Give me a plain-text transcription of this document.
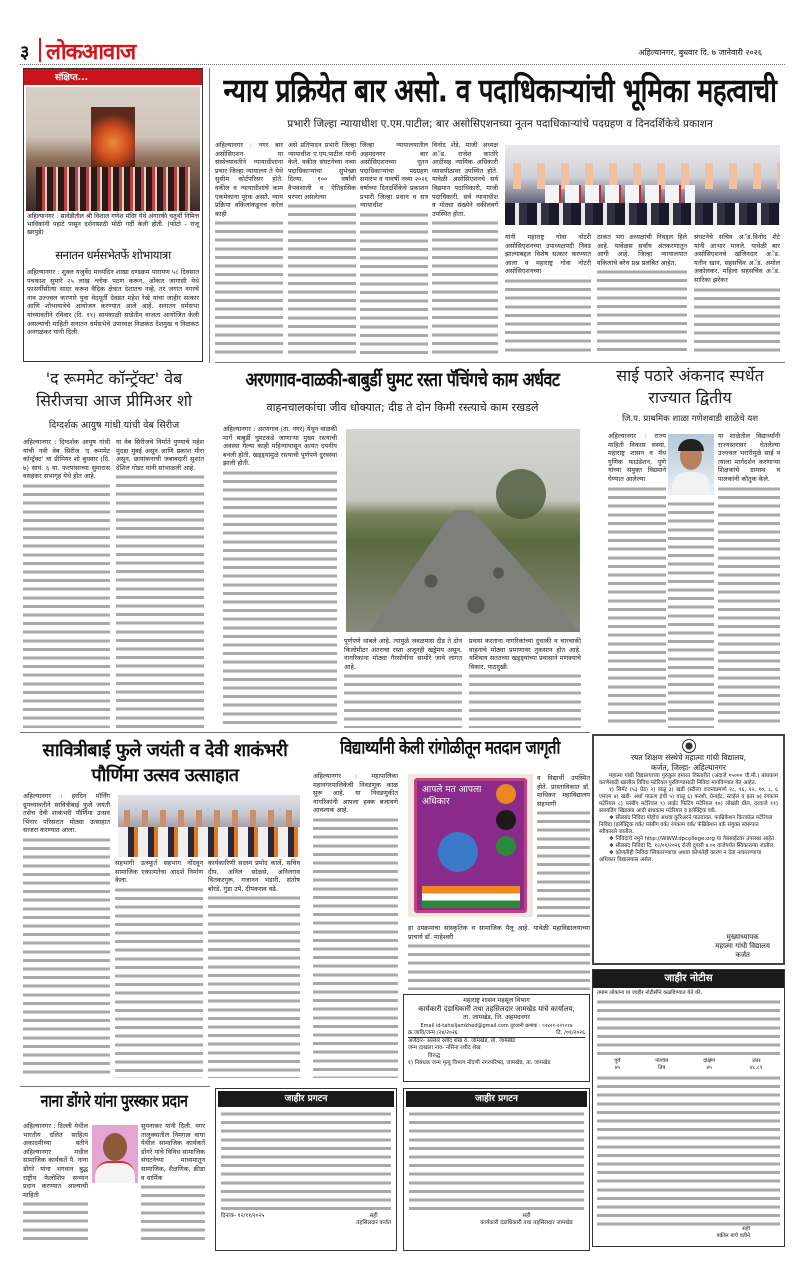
३ लोकआवाज	अहिल्यानगर, बुधवार दि. ७ जानेवारी २०२६
संक्षिप्त...
अहिल्यानगर : सावेडीतील श्री विशाल गणेश मंदिर येथे अंगारकी चतुर्थी निमित्त भाविकांनी पहाटे पासून दर्शनासाठी मोठी गर्दी केली होती. (फोटो - राजू खरपुडे)
सनातन धर्मसभेतर्फे शोभायात्रा

अहिल्यानगर : शुक्ल यजुर्वेद माध्यंदिन शाखा दण्डक्रम पारायण ५८ दिवसात पंचकाश सुमारे २५ लाख श्लोक पठण करून, ओंकार जागासी येथे फासर्यीसीत्या सादर करून वैदिक क्षेत्रात देशातच नव्हे, तर जगात नगरचे नाव उज्ज्वल करणारे युवा वेदमूर्ती देवव्रत महेश रेखे यांचा जाहीर सत्कार आणि शोभायात्रेचे आयोजन करण्यात आले आहे. सनातन धर्मसभा यांच्यावतीने रविवार (दि. ११) सायंकाळी साडेतीन वाजता आयोजित केली असल्याची माहिती सनातन धर्मसभेचे उपाध्यक्ष निळकंठ देशमुख व निळकंठ अनगळकर यांनी दिली.

न्याय प्रक्रियेत बार असो. व पदाधिकाऱ्यांची भूमिका महत्वाची
प्रभारी जिल्हा न्यायाधीश ए.एम.पाटील; बार असोसिएशनच्या नूतन पदाधिकाऱ्यांचे पदग्रहण व दिनदर्शिकेचे प्रकाशन

अहिल्यानगर : नगर बार असोसिएशन या संस्थेच्यावतीने न्यायाधीशांना प्रचार जिल्हा न्यायालय ते येथे सुसीम कोर्टपरिसर होते. वकील व न्यायाधीशांचे काम एकमेकांना पूरक असते. न्याय प्रक्रिया वकिलांकडूनच करेल काही

असे प्रतिपादन प्रभारी जिल्हा न्यायाधीश ए.एम.पाटील यांनी केले. वकील संघटनेच्या नव्या पदाधिकाऱ्यांचा सुभेच्छा दिल्या. १०० वर्षांची वैभवशाली व ऐतिहासिक परंपरा असलेल्या

जिल्हा न्यायालयातील अहमदनगर बार असोसिएशनच्या नूतन पदाधिकाऱ्यांचा पदग्रहण समारंभ व यावर्षी नव्या २०२६ वर्षाच्या दिनदर्शिकेचे प्रकाशन प्रभारी जिल्हा प्रधान व सत्र न्यायाधीश

विनोद शेंडे, माजी अध्यक्ष अॅड. राजेश कातोरे आदींसह न्यायिक अधिकारी व्यासपीठावर उपस्थित होते. यावेळी असोसिएशनचे सर्व विद्यमान पदाधिकारी, माजी पदाधिकारी, सर्व न्यायाधीश व मोठ्या संख्येने वकीलवर्ग उपस्थित होता.

यांनी महाराष्ट्र गोवा नोटरी असोसिएशनच्या उपाध्यक्षपदी निवड झाल्याबद्दल विशेष सत्कार करण्यात आला व महाराष्ट्र गोवा नोटरी असोसिएशनच्या

ठाकत भरा अध्यक्षांची निवड्ल हिले आहे. यावेळस सर्वांच अंतकरणातून आगी आहे. जिल्हा न्यायालयात वकिलांचे बरेच प्रश्न प्रलंबित आहेत.

संघटनेचे सचिव अॅड.विनोद शेटे यांनी आभार मानले. यावेळी बार असोसिएशनचे खजिनदार अॅड. यतीन खान, सहसचिव अॅड. अमोल अकोलकर, महिला सहसचिव अॅड. सारिका झरेकर

'द रूममेट कॉन्ट्रॅक्ट' वेब सिरीजचा आज प्रीमिअर शो
दिग्दर्शक आयुष गांधी यांची वेब सिरीज

अहिल्यानगर : दिग्दर्शक आयुष गांधी यांची नवी वेब सिरीज 'द रूममेट कॉन्ट्रॅक्ट' चा प्रीमियर शो बुधवार (दि. ७) सायं. ६ वा. फरपांसाच्या सुमारास वसहकर सभागृह येथे होत आहे.

या वेब सिरीजचे निर्माते पुण्याचे महेश मुंदडा मुंबई असून आणि प्रकाश मीरा असून, छायांकनाची जबाबदारी सुशांत देशिल गोडट यांनी सांभाळली आहे.

अरणगाव-वाळकी-बाबुर्डी घुमट रस्ता पॅचिंगचे काम अर्धवट
वाहनचालकांचा जीव धोक्यात; दीड ते दोन किमी रस्त्याचे काम रखडले

अहिल्यानगर : अरणगाव (ता. नगर) येथून वाळकी मार्गे बाबुर्डी घुमटकडे जाणाऱ्या मुख्य रस्त्याची अवस्था गेल्या काही महिन्यांपासून अत्यंत दयनीय बनली होती. खड्ड्यांमुळे रस्त्याची पूर्णपणे दुरवस्था झाली होती.

पूर्णपणे थांबले आहे. त्यामुळे जवळपास दीड ते दोन किलोमीटर अंतराचा रस्ता अजूनही खड्डेमय असून, नागरिकांना मोठ्या गैरसोयींना सामोरे जावे लागत आहे.

प्रवास करताना नागरिकांच्या दुचाकी व चारचाकी वाहनांचे मोठ्या प्रमाणावर नुकसान होत आहे. यशिवाय सततच्या खड्ड्यांच्या प्रवासाने मणक्याचे विकार, पाठदुखी.

साई पठारे अंकनाद स्पर्धेत राज्यात द्वितीय
जि.प. प्राथमिक शाळा गणेशवाडी शाळेचे यश

अहिल्यानगर : राज्य माहिती विकास संस्था, महाराष्ट्र शासन व मॅथ गुणिक फाउंडेशन, पुणे यांच्या संयुक्त विद्यमाने घेण्यात आलेल्या

या शाळेतील विद्यार्थ्यांनी राज्यस्तरावर घेतलेल्या उज्ज्वल भरारीमुळे साई व त्याला मार्गदर्शन करणाऱ्या शिक्षकांचे ग्रामस्थ व पालकांनी कौतुक केले.

सावित्रीबाई फुले जयंती व देवी शाकंभरी पौर्णिमा उत्सव उत्साहात

अहिल्यानगर : हरदिन मॉर्निंग ग्रुपच्यावतीने सावित्रीबाई फुले जयंती तसेच देवी शाकंभरी पौर्णिमा उत्सव भिंगार परिसरात मोठ्या उत्साहात साजरा करण्यात आला.

सहभागी उत्स्फूर्त सहभाग नोंदवून सामाजिक एकात्मतेचा आदर्श निर्माण केला.

कार्यकारिणी सदस्य प्रमोद कार्ले, सचिव दीप, अनिल सोळसे, अनिलराव वितकरगुरू, गजानन भंडारी, संतोष बोरडे, गुंडा उपे, दीपकराव वढे.

विद्यार्थ्यांनी केली रांगोळीतून मतदान जागृती

अहिल्यानगर : महापालिका महानगरपालिकेची निवडणूक काळ सुरू आहे. या निवडणुकीत नागरिकांनी आपला हक्क बजावणे आवश्यक आहे.

आपले मत आपला अधिकार

व विद्यार्थी उपस्थित होते. प्रास्ताविकात डॉ. माधिकर महाविद्यालय सहभागी

हा उपक्रमाचा सांस्कृतिक व सामाजिक पैलू आहे. यावेळी महाविद्यालयाच्या प्राचार्य डॉ. माहेश्वरी

महाराष्ट्र शासन महसूल विभाग
कार्यकारी दंडाधिकारी तथा तहसिलदार जामखेड यांचे कार्यालय,
ता. जामखेड, जि. अहमदनगर
Email id-tahsiljamkhed@gmail.com दूरध्वनी क्रमांक : ०२४२१-२२१०१७
क्र.जावि/जन्म /२४/२०२६	दि. /०१/२०२६
अर्जदार- अल्तार रशीद शेख रा. जामखेड, ता. जामखेड
जन्म दाखला नाव- नसिना रशीद शेख
विरुद्ध
१) निबंधक जन्म मृत्यु विभाग नोंदणी नगरपरिषद, जामखेड, ता. जामखेड
रयत शिक्षण संस्थेचे महात्मा गांधी विद्यालय,
कर्जत, जिल्हा- अहिल्यानगर

महात्मा गांधी विद्यालयाच्या गुरुकुल इमारत विस्तारीत (अंदाजे १५००० चौ.मी.) बांधकाम करणेसाठी खालील विविध मटेरियल पुरविण्यासाठी निविदा मागविण्यात येत आहेत.

१) सिमेंट (५३ ग्रेड) २) वाळू ३) खडी (स्टील) वजनाप्रमाणे २८, १६, १२, १०, ८, ६ एमएम ४) खडी- अर्धा पाऊण इंची ५) वाळू ६) फरशी, ग्रेनाईट, स्टाईल व इतर ७) रंगकाम मटेरियल ८) प्लंबींग मटेरियल ९) लाईट फिटिंग मटेरियल १०) लोखंडी ग्रील, दरवाजे ११) स्लायडिंग खिडक्या आदी बांधकाम मटेरियल व इलेक्ट्रिक वर्क.

❖ सीलबंद निविदा पोहोच अथवा कुरिअरने पाठवावत. फाब्रिकेशन किरकोळ मटेरियल निविदा (इलेक्ट्रिक वर्क/ प्लंबींग वर्क/ रंगकाम वर्क/ फॅब्रिकेशन वर्क संयुक्त स्वरूपात स्वीकारले जातील.

❖ निविदांचे नमुने http://WWW.dpcollege.org या वेबसाईटवर उपलब्ध आहेत.

❖ सीलबंद निविदा दि. १२/०१/२०२६ रोजी दुपारी ४.०० वाजेपर्यंत स्विकारल्या जातील.

❖ कोणतीही निविदा स्विकारण्याचा अथवा कोणतेही कारण न देता नाकारण्याचा अधिकार विद्यालयास असेल.

मुख्याध्यापक
महात्मा गांधी विद्यालय
कर्जत
जाहीर नोटीस
तमाम लोकांना या जाहीर नोटीसीने कळविण्यात येते की,
पूर्व
४५
पश्चिम
तिव
दक्षिण
४५
उत्तर
४८.८९
सही
वकील याचे वतीने
नाना डोंगरे यांना पुरस्कार प्रदान

अहिल्यानगर : दिल्ली येथील भारतीय दलित साहित्य अकादमीच्या वतीने अहिल्यानगर मधील सामाजिक कार्यकर्ते पै. नाना डोंगरे यांना भगवान बुद्ध राष्ट्रीय फेलोशिप सन्मान प्रदान करण्यात आल्याची माहिती

सुमनाकर यांनी दिली. नगर तालुक्यातील निमगाव वाघा येथील सामाजिक कार्यकर्ते डोंगरे यांचे विविध सामाजिक संघटनेच्या माध्यमातून सामाजिक, शैक्षणिक, क्रीडा व धार्मिक

जाहीर प्रगटन
दिनांक- १२/११/२०२५	सही
तहसिलदार कर्जत
जाहीर प्रगटन
सही
कार्यकारी दंडाधिकारी तथा तहसिलदार जामखेड
